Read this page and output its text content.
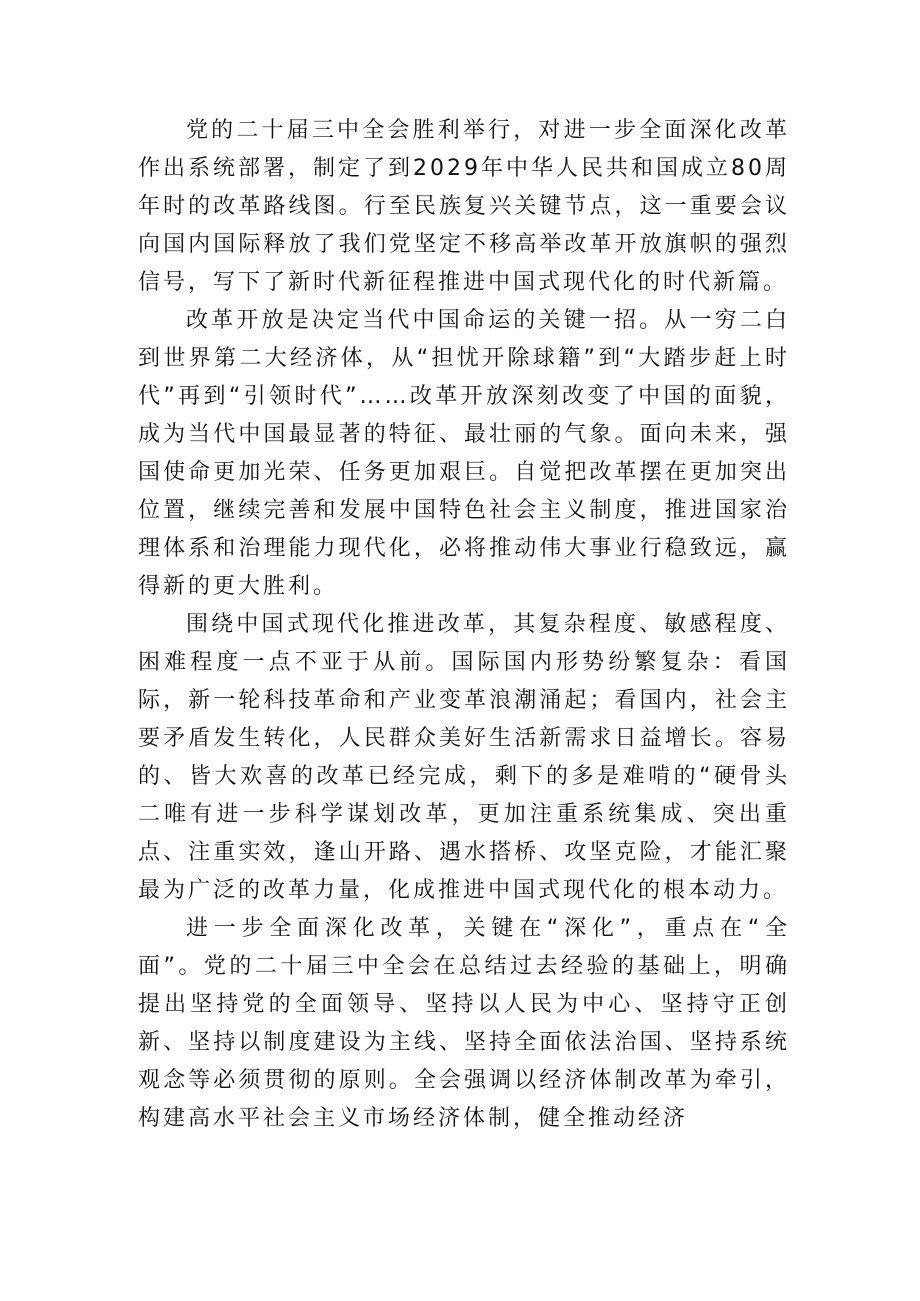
党的二十届三中全会胜利举行，对进一步全面深化改革作出系统部署，制定了到2029年中华人民共和国成立80周年时的改革路线图。行至民族复兴关键节点，这一重要会议向国内国际释放了我们党坚定不移高举改革开放旗帜的强烈信号，写下了新时代新征程推进中国式现代化的时代新篇。

改革开放是决定当代中国命运的关键一招。从一穷二白到世界第二大经济体，从“担忧开除球籍”到“大踏步赶上时代”再到“引领时代”……改革开放深刻改变了中国的面貌，成为当代中国最显著的特征、最壮丽的气象。面向未来，强国使命更加光荣、任务更加艰巨。自觉把改革摆在更加突出位置，继续完善和发展中国特色社会主义制度，推进国家治理体系和治理能力现代化，必将推动伟大事业行稳致远，赢得新的更大胜利。

围绕中国式现代化推进改革，其复杂程度、敏感程度、困难程度一点不亚于从前。国际国内形势纷繁复杂：看国际，新一轮科技革命和产业变革浪潮涌起；看国内，社会主要矛盾发生转化，人民群众美好生活新需求日益增长。容易的、皆大欢喜的改革已经完成，剩下的多是难啃的“硬骨头二唯有进一步科学谋划改革，更加注重系统集成、突出重点、注重实效，逢山开路、遇水搭桥、攻坚克险，才能汇聚最为广泛的改革力量，化成推进中国式现代化的根本动力。

进一步全面深化改革，关键在“深化”，重点在“全面”。党的二十届三中全会在总结过去经验的基础上，明确提出坚持党的全面领导、坚持以人民为中心、坚持守正创新、坚持以制度建设为主线、坚持全面依法治国、坚持系统观念等必须贯彻的原则。全会强调以经济体制改革为牵引，构建高水平社会主义市场经济体制，健全推动经济
